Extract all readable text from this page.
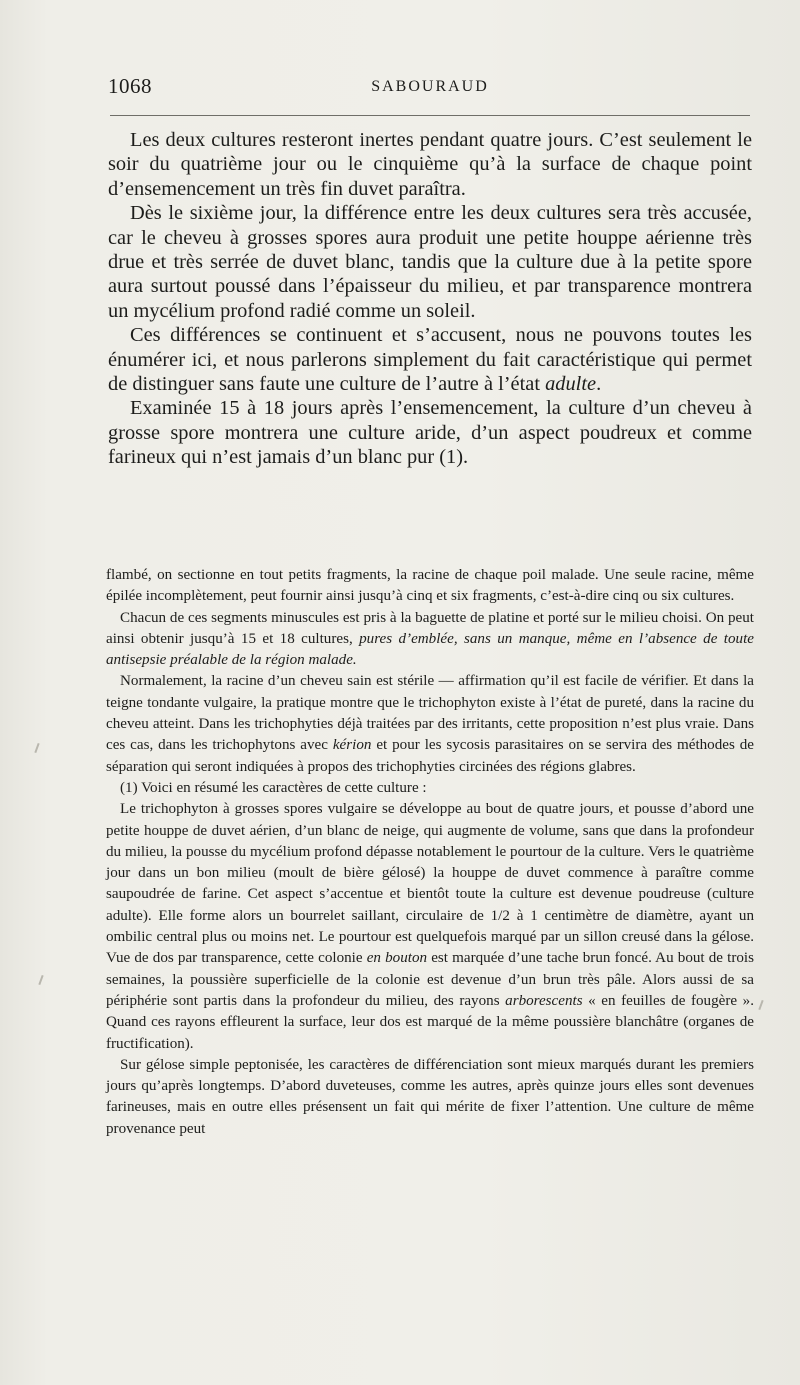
1068	SABOURAUD

Les deux cultures resteront inertes pendant quatre jours. C’est seulement le soir du quatrième jour ou le cinquième qu’à la surface de chaque point d’ensemencement un très fin duvet paraîtra.

Dès le sixième jour, la différence entre les deux cultures sera très accusée, car le cheveu à grosses spores aura produit une petite houppe aérienne très drue et très serrée de duvet blanc, tandis que la culture due à la petite spore aura surtout poussé dans l’épaisseur du milieu, et par transparence montrera un mycélium profond radié comme un soleil.

Ces différences se continuent et s’accusent, nous ne pouvons toutes les énumérer ici, et nous parlerons simplement du fait caractéristique qui permet de distinguer sans faute une culture de l’autre à l’état adulte.

Examinée 15 à 18 jours après l’ensemencement, la culture d’un cheveu à grosse spore montrera une culture aride, d’un aspect poudreux et comme farineux qui n’est jamais d’un blanc pur (1).

flambé, on sectionne en tout petits fragments, la racine de chaque poil malade. Une seule racine, même épilée incomplètement, peut fournir ainsi jusqu’à cinq et six fragments, c’est-à-dire cinq ou six cultures.

Chacun de ces segments minuscules est pris à la baguette de platine et porté sur le milieu choisi. On peut ainsi obtenir jusqu’à 15 et 18 cultures, pures d’emblée, sans un manque, même en l’absence de toute antisepsie préalable de la région malade.

Normalement, la racine d’un cheveu sain est stérile — affirmation qu’il est facile de vérifier. Et dans la teigne tondante vulgaire, la pratique montre que le trichophyton existe à l’état de pureté, dans la racine du cheveu atteint. Dans les trichophyties déjà traitées par des irritants, cette proposition n’est plus vraie. Dans ces cas, dans les trichophytons avec kérion et pour les sycosis parasitaires on se servira des méthodes de séparation qui seront indiquées à propos des trichophyties circinées des régions glabres.

(1) Voici en résumé les caractères de cette culture :

Le trichophyton à grosses spores vulgaire se développe au bout de quatre jours, et pousse d’abord une petite houppe de duvet aérien, d’un blanc de neige, qui augmente de volume, sans que dans la profondeur du milieu, la pousse du mycélium profond dépasse notablement le pourtour de la culture. Vers le quatrième jour dans un bon milieu (moult de bière gélosé) la houppe de duvet commence à paraître comme saupoudrée de farine. Cet aspect s’accentue et bientôt toute la culture est devenue poudreuse (culture adulte). Elle forme alors un bourrelet saillant, circulaire de 1/2 à 1 centimètre de diamètre, ayant un ombilic central plus ou moins net. Le pourtour est quelquefois marqué par un sillon creusé dans la gélose. Vue de dos par transparence, cette colonie en bouton est marquée d’une tache brun foncé. Au bout de trois semaines, la poussière superficielle de la colonie est devenue d’un brun très pâle. Alors aussi de sa périphérie sont partis dans la profondeur du milieu, des rayons arborescents « en feuilles de fougère ». Quand ces rayons effleurent la surface, leur dos est marqué de la même poussière blanchâtre (organes de fructification).

Sur gélose simple peptonisée, les caractères de différenciation sont mieux marqués durant les premiers jours qu’après longtemps. D’abord duveteuses, comme les autres, après quinze jours elles sont devenues farineuses, mais en outre elles présensent un fait qui mérite de fixer l’attention. Une culture de même provenance peut
